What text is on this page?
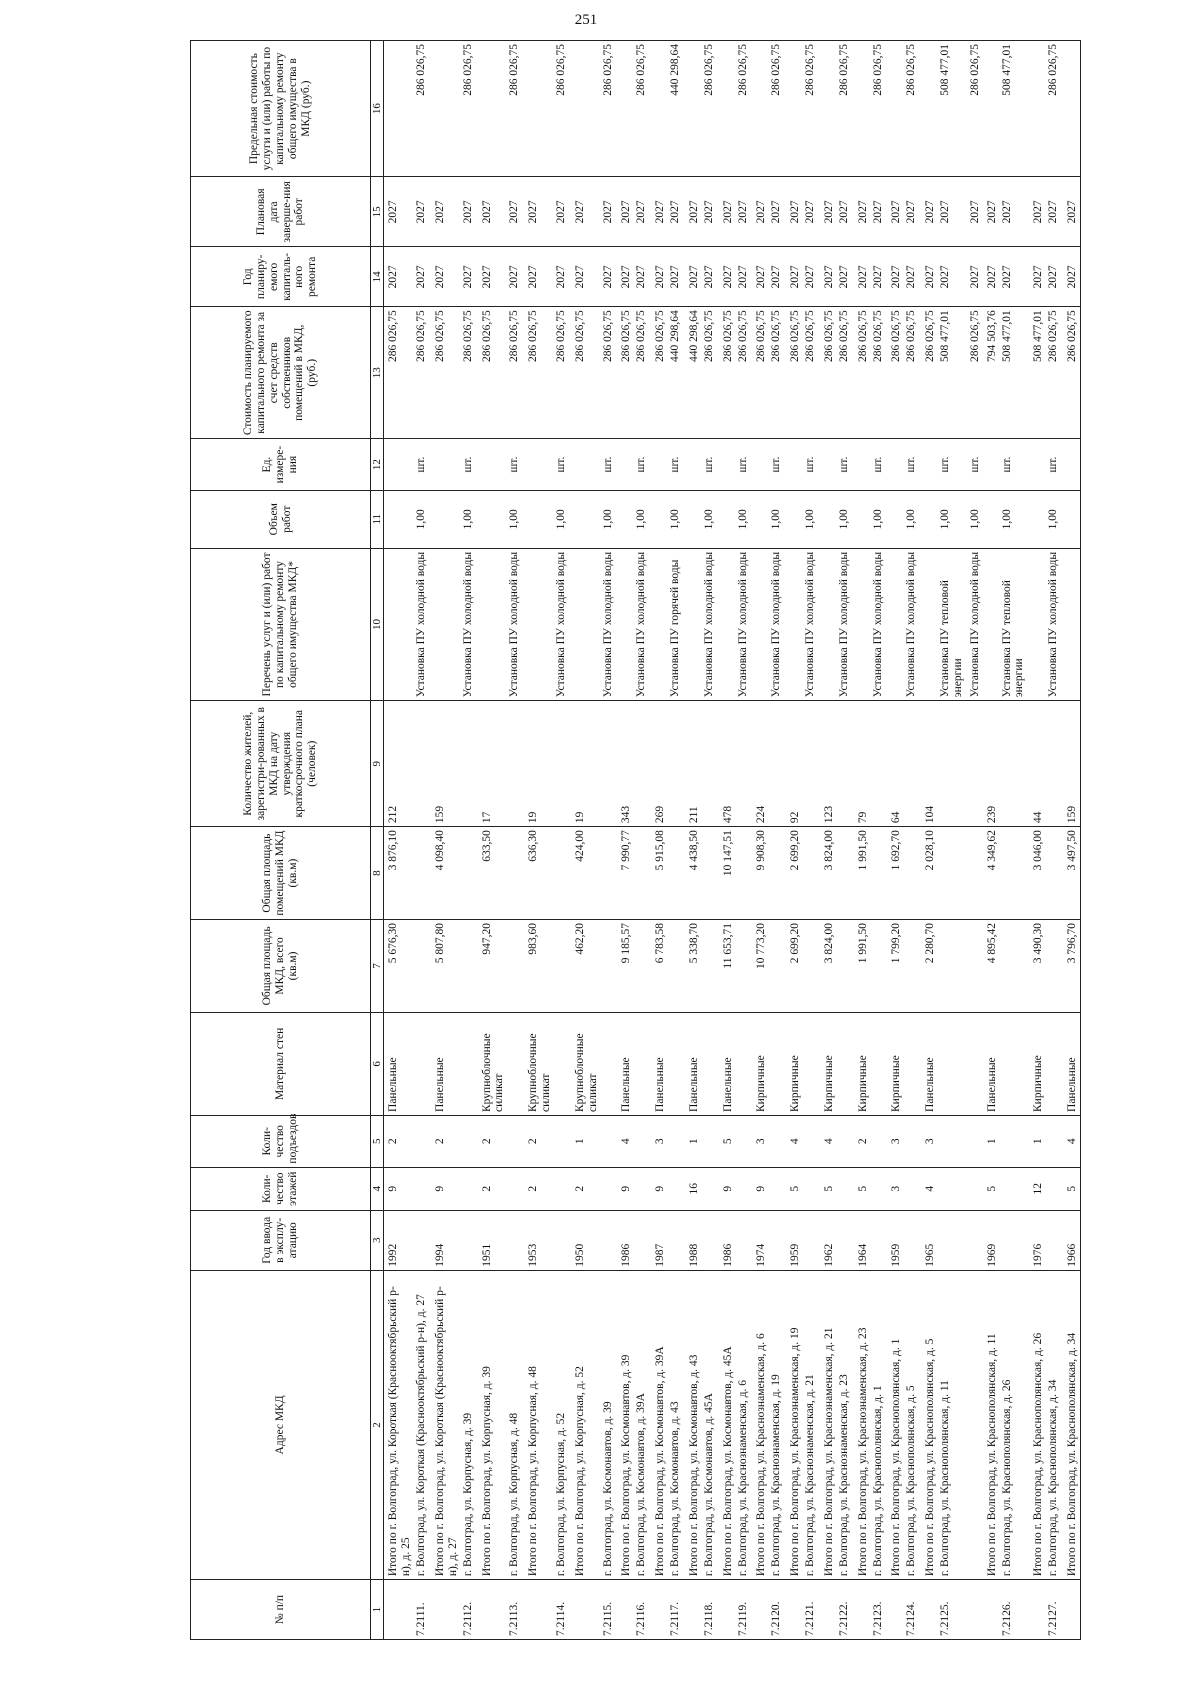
251
№ п/п	Адрес МКД	Год ввода в эксплу-атацию	Коли-чество этажей	Коли-чество подъездов	Материал стен	Общая площадь МКД, всего (кв.м)	Общая площадь помещений МКД (кв.м)	Количество жителей, зарегистри-рованных в МКД на дату утверждения краткосрочного плана (человек)	Перечень услуг и (или) работ по капитальному ремонту общего имущества МКД*	Объем работ	Ед. измере-ния	Стоимость планируемого капитального ремонта за счет средств собственников помещений в МКД, (руб.)	Год планиру-емого капиталь-ного ремонта	Плановая дата заверше-ния работ	Предельная стоимость услуги и (или) работы по капитальному ремонту общего имущества в МКД (руб.)
1	2	3	4	5	6	7	8	9	10	11	12	13	14	15	16
	Итого по г. Волгоград, ул. Короткая (Краснооктябрьский р-н), д. 25	1992	9	2	Панельные	5 676,30	3 876,10	212				286 026,75	2027	2027	
7.2111.	г. Волгоград, ул. Короткая (Краснооктябрьский р-н), д. 27								Установка ПУ холодной воды	1,00	шт.	286 026,75	2027	2027	286 026,75
	Итого по г. Волгоград, ул. Короткая (Краснооктябрьский р-н), д. 27	1994	9	2	Панельные	5 807,80	4 098,40	159				286 026,75	2027	2027	
7.2112.	г. Волгоград, ул. Корпусная, д. 39								Установка ПУ холодной воды	1,00	шт.	286 026,75	2027	2027	286 026,75
	Итого по г. Волгоград, ул. Корпусная, д. 39	1951	2	2	Крупноблочные силикат	947,20	633,50	17				286 026,75	2027	2027	
7.2113.	г. Волгоград, ул. Корпусная, д. 48								Установка ПУ холодной воды	1,00	шт.	286 026,75	2027	2027	286 026,75
	Итого по г. Волгоград, ул. Корпусная, д. 48	1953	2	2	Крупноблочные силикат	983,60	636,30	19				286 026,75	2027	2027	
7.2114.	г. Волгоград, ул. Корпусная, д. 52								Установка ПУ холодной воды	1,00	шт.	286 026,75	2027	2027	286 026,75
	Итого по г. Волгоград, ул. Корпусная, д. 52	1950	2	1	Крупноблочные силикат	462,20	424,00	19				286 026,75	2027	2027	
7.2115.	г. Волгоград, ул. Космонавтов, д. 39								Установка ПУ холодной воды	1,00	шт.	286 026,75	2027	2027	286 026,75
	Итого по г. Волгоград, ул. Космонавтов, д. 39	1986	9	4	Панельные	9 185,57	7 990,77	343				286 026,75	2027	2027	
7.2116.	г. Волгоград, ул. Космонавтов, д. 39А								Установка ПУ холодной воды	1,00	шт.	286 026,75	2027	2027	286 026,75
	Итого по г. Волгоград, ул. Космонавтов, д. 39А	1987	9	3	Панельные	6 783,58	5 915,08	269				286 026,75	2027	2027	
7.2117.	г. Волгоград, ул. Космонавтов, д. 43								Установка ПУ горячей воды	1,00	шт.	440 298,64	2027	2027	440 298,64
	Итого по г. Волгоград, ул. Космонавтов, д. 43	1988	16	1	Панельные	5 338,70	4 438,50	211				440 298,64	2027	2027	
7.2118.	г. Волгоград, ул. Космонавтов, д. 45А								Установка ПУ холодной воды	1,00	шт.	286 026,75	2027	2027	286 026,75
	Итого по г. Волгоград, ул. Космонавтов, д. 45А	1986	9	5	Панельные	11 653,71	10 147,51	478				286 026,75	2027	2027	
7.2119.	г. Волгоград, ул. Краснознаменская, д. 6								Установка ПУ холодной воды	1,00	шт.	286 026,75	2027	2027	286 026,75
	Итого по г. Волгоград, ул. Краснознаменская, д. 6	1974	9	3	Кирпичные	10 773,20	9 908,30	224				286 026,75	2027	2027	
7.2120.	г. Волгоград, ул. Краснознаменская, д. 19								Установка ПУ холодной воды	1,00	шт.	286 026,75	2027	2027	286 026,75
	Итого по г. Волгоград, ул. Краснознаменская, д. 19	1959	5	4	Кирпичные	2 699,20	2 699,20	92				286 026,75	2027	2027	
7.2121.	г. Волгоград, ул. Краснознаменская, д. 21								Установка ПУ холодной воды	1,00	шт.	286 026,75	2027	2027	286 026,75
	Итого по г. Волгоград, ул. Краснознаменская, д. 21	1962	5	4	Кирпичные	3 824,00	3 824,00	123				286 026,75	2027	2027	
7.2122.	г. Волгоград, ул. Краснознаменская, д. 23								Установка ПУ холодной воды	1,00	шт.	286 026,75	2027	2027	286 026,75
	Итого по г. Волгоград, ул. Краснознаменская, д. 23	1964	5	2	Кирпичные	1 991,50	1 991,50	79				286 026,75	2027	2027	
7.2123.	г. Волгоград, ул. Краснополянская, д. 1								Установка ПУ холодной воды	1,00	шт.	286 026,75	2027	2027	286 026,75
	Итого по г. Волгоград, ул. Краснополянская, д. 1	1959	3	3	Кирпичные	1 799,20	1 692,70	64				286 026,75	2027	2027	
7.2124.	г. Волгоград, ул. Краснополянская, д. 5								Установка ПУ холодной воды	1,00	шт.	286 026,75	2027	2027	286 026,75
	Итого по г. Волгоград, ул. Краснополянская, д. 5	1965	4	3	Панельные	2 280,70	2 028,10	104				286 026,75	2027	2027	
7.2125.	г. Волгоград, ул. Краснополянская, д. 11								Установка ПУ тепловой энергии	1,00	шт.	508 477,01	2027	2027	508 477,01
									Установка ПУ холодной воды	1,00	шт.	286 026,75	2027	2027	286 026,75
	Итого по г. Волгоград, ул. Краснополянская, д. 11	1969	5	1	Панельные	4 895,42	4 349,62	239				794 503,76	2027	2027	
7.2126.	г. Волгоград, ул. Краснополянская, д. 26								Установка ПУ тепловой энергии	1,00	шт.	508 477,01	2027	2027	508 477,01
	Итого по г. Волгоград, ул. Краснополянская, д. 26	1976	12	1	Кирпичные	3 490,30	3 046,00	44				508 477,01	2027	2027	
7.2127.	г. Волгоград, ул. Краснополянская, д. 34								Установка ПУ холодной воды	1,00	шт.	286 026,75	2027	2027	286 026,75
	Итого по г. Волгоград, ул. Краснополянская, д. 34	1966	5	4	Панельные	3 796,70	3 497,50	159				286 026,75	2027	2027	
